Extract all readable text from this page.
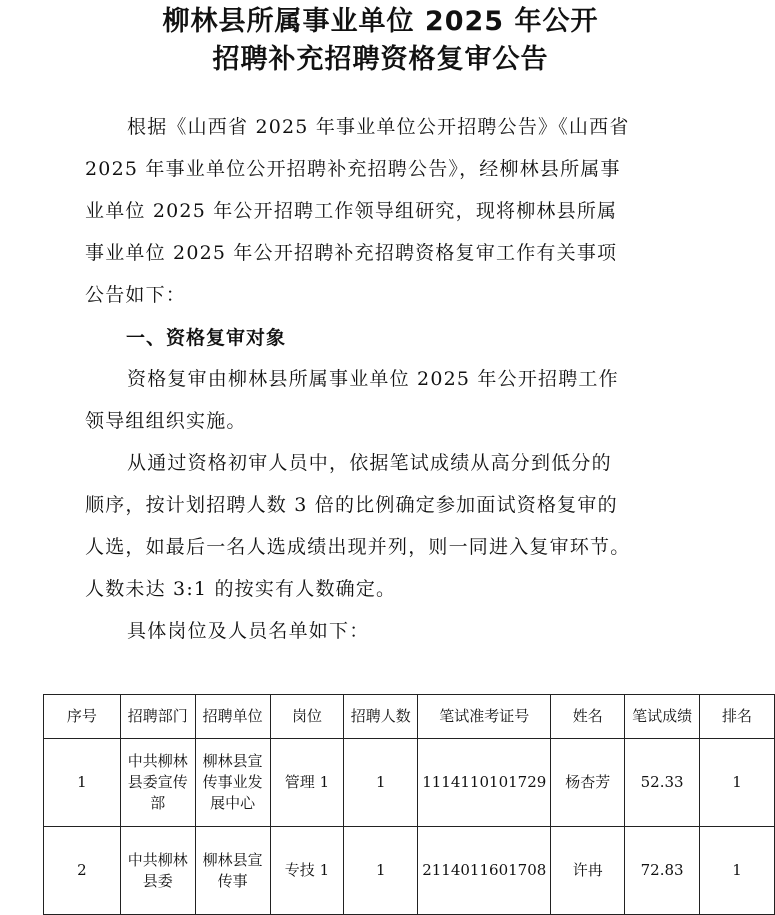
柳林县所属事业单位 2025 年公开
招聘补充招聘资格复审公告

根据《山西省 2025 年事业单位公开招聘公告》《山西省
2025 年事业单位公开招聘补充招聘公告》，经柳林县所属事
业单位 2025 年公开招聘工作领导组研究，现将柳林县所属
事业单位 2025 年公开招聘补充招聘资格复审工作有关事项
公告如下：

一、资格复审对象

资格复审由柳林县所属事业单位 2025 年公开招聘工作
领导组组织实施。

从通过资格初审人员中，依据笔试成绩从高分到低分的
顺序，按计划招聘人数 3 倍的比例确定参加面试资格复审的
人选，如最后一名人选成绩出现并列，则一同进入复审环节。
人数未达 3:1 的按实有人数确定。

具体岗位及人员名单如下：

序号	招聘部门	招聘单位	岗位	招聘人数	笔试准考证号	姓名	笔试成绩	排名
1	中共柳林县委宣传部	柳林县宣传事业发展中心	管理 1	1	1114110101729	杨杏芳	52.33	1
2	中共柳林县委	柳林县宣传事	专技 1	1	2114011601708	许冉	72.83	1
